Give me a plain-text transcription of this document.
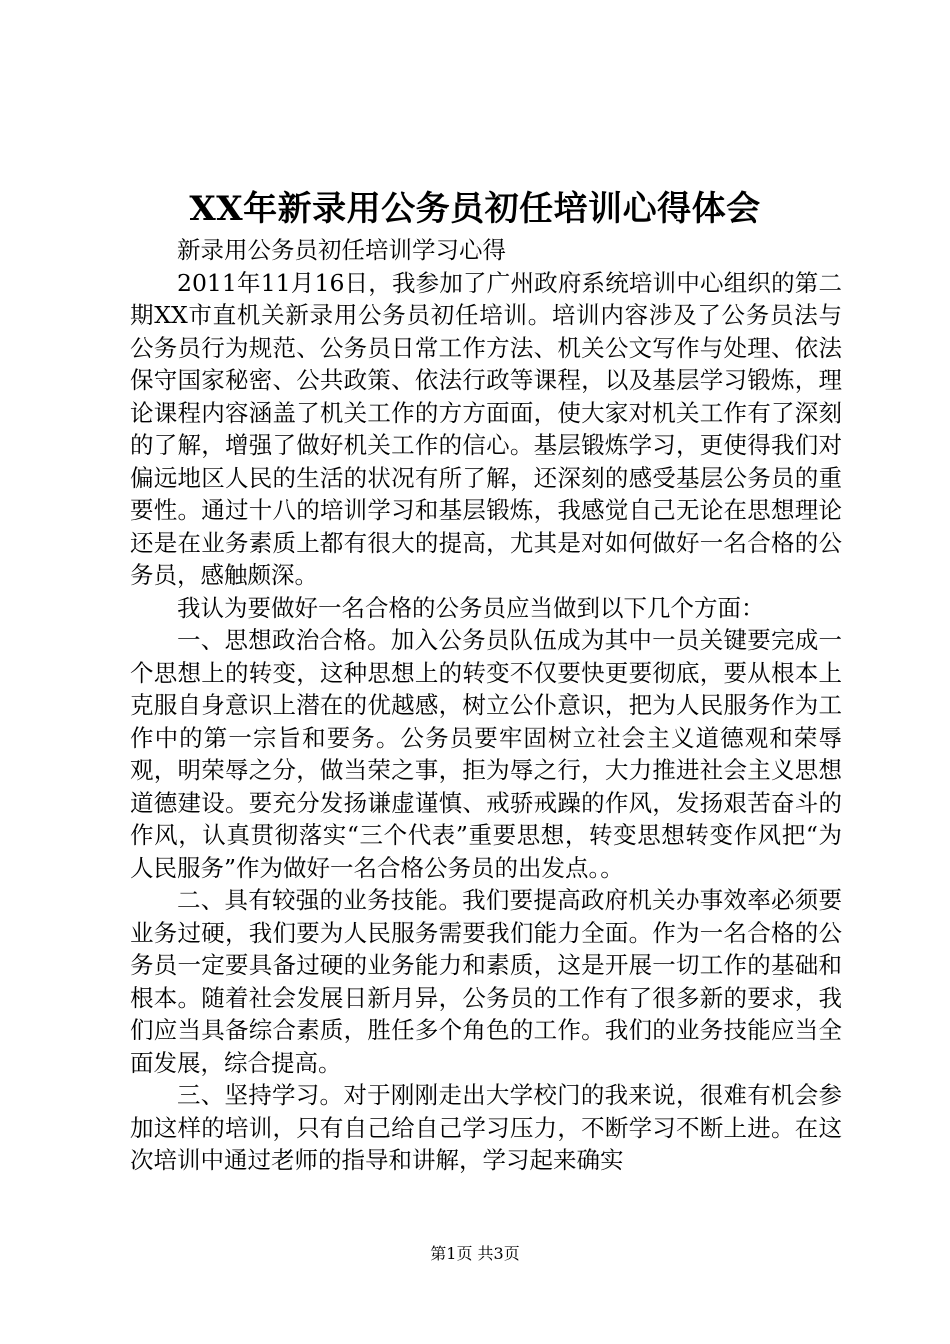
XX年新录用公务员初任培训心得体会

新录用公务员初任培训学习心得

2011年11月16日，我参加了广州政府系统培训中心组织的第二期XX市直机关新录用公务员初任培训。培训内容涉及了公务员法与公务员行为规范、公务员日常工作方法、机关公文写作与处理、依法保守国家秘密、公共政策、依法行政等课程，以及基层学习锻炼，理论课程内容涵盖了机关工作的方方面面，使大家对机关工作有了深刻的了解，增强了做好机关工作的信心。基层锻炼学习，更使得我们对偏远地区人民的生活的状况有所了解，还深刻的感受基层公务员的重要性。通过十八的培训学习和基层锻炼，我感觉自己无论在思想理论还是在业务素质上都有很大的提高，尤其是对如何做好一名合格的公务员，感触颇深。

我认为要做好一名合格的公务员应当做到以下几个方面：

一、思想政治合格。加入公务员队伍成为其中一员关键要完成一个思想上的转变，这种思想上的转变不仅要快更要彻底，要从根本上克服自身意识上潜在的优越感，树立公仆意识，把为人民服务作为工作中的第一宗旨和要务。公务员要牢固树立社会主义道德观和荣辱观，明荣辱之分，做当荣之事，拒为辱之行，大力推进社会主义思想道德建设。要充分发扬谦虚谨慎、戒骄戒躁的作风，发扬艰苦奋斗的作风，认真贯彻落实“三个代表”重要思想，转变思想转变作风把“为人民服务”作为做好一名合格公务员的出发点。。

二、具有较强的业务技能。我们要提高政府机关办事效率必须要业务过硬，我们要为人民服务需要我们能力全面。作为一名合格的公务员一定要具备过硬的业务能力和素质，这是开展一切工作的基础和根本。随着社会发展日新月异，公务员的工作有了很多新的要求，我们应当具备综合素质，胜任多个角色的工作。我们的业务技能应当全面发展，综合提高。

三、坚持学习。对于刚刚走出大学校门的我来说，很难有机会参加这样的培训，只有自己给自己学习压力，不断学习不断上进。在这次培训中通过老师的指导和讲解，学习起来确实

第1页 共3页
